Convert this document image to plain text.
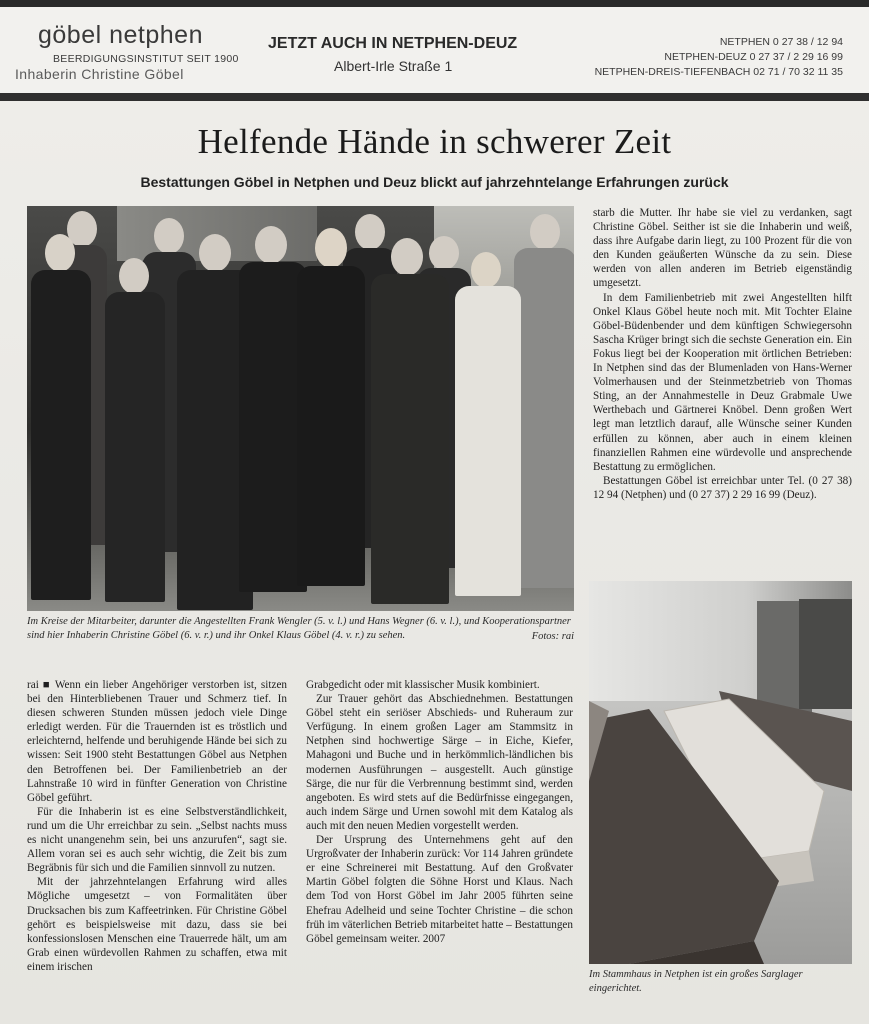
göbel netphen
BEERDIGUNGSINSTITUT SEIT 1900
Inhaberin Christine Göbel
JETZT AUCH IN NETPHEN-DEUZ
Albert-Irle Straße 1
NETPHEN 0 27 38 / 12 94
NETPHEN-DEUZ 0 27 37 / 2 29 16 99
NETPHEN-DREIS-TIEFENBACH 02 71 / 70 32 11 35
Helfende Hände in schwerer Zeit
Bestattungen Göbel in Netphen und Deuz blickt auf jahrzehntelange Erfahrungen zurück
Im Kreise der Mitarbeiter, darunter die Angestellten Frank Wengler (5. v. l.) und Hans Wegner (6. v. l.), und Kooperationspartner sind hier Inhaberin Christine Göbel (6. v. r.) und ihr Onkel Klaus Göbel (4. v. r.) zu sehen.	Fotos: rai

starb die Mutter. Ihr habe sie viel zu verdanken, sagt Christine Göbel. Seither ist sie die Inhaberin und weiß, dass ihre Aufgabe darin liegt, zu 100 Prozent für die von den Kunden geäußerten Wünsche da zu sein. Diese werden von allen anderen im Betrieb eigenständig umgesetzt.

In dem Familienbetrieb mit zwei Angestellten hilft Onkel Klaus Göbel heute noch mit. Mit Tochter Elaine Göbel-Büdenbender und dem künftigen Schwiegersohn Sascha Krüger bringt sich die sechste Generation ein. Ein Fokus liegt bei der Kooperation mit örtlichen Betrieben: In Netphen sind das der Blumenladen von Hans-Werner Volmerhausen und der Steinmetzbetrieb von Thomas Sting, an der Annahmestelle in Deuz Grabmale Uwe Werthebach und Gärtnerei Knöbel. Denn großen Wert legt man letztlich darauf, alle Wünsche seiner Kunden erfüllen zu können, aber auch in einem kleinen finanziellen Rahmen eine würdevolle und ansprechende Bestattung zu ermöglichen.

Bestattungen Göbel ist erreichbar unter Tel. (0 27 38) 12 94 (Netphen) und (0 27 37) 2 29 16 99 (Deuz).

rai ■ Wenn ein lieber Angehöriger verstorben ist, sitzen bei den Hinterbliebenen Trauer und Schmerz tief. In diesen schweren Stunden müssen jedoch viele Dinge erledigt werden. Für die Trauernden ist es tröstlich und erleichternd, helfende und beruhigende Hände bei sich zu wissen: Seit 1900 steht Bestattungen Göbel aus Netphen den Betroffenen bei. Der Familienbetrieb an der Lahnstraße 10 wird in fünfter Generation von Christine Göbel geführt.

Für die Inhaberin ist es eine Selbstverständlichkeit, rund um die Uhr erreichbar zu sein. „Selbst nachts muss es nicht unangenehm sein, bei uns anzurufen“, sagt sie. Allem voran sei es auch sehr wichtig, die Zeit bis zum Begräbnis für sich und die Familien sinnvoll zu nutzen.

Mit der jahrzehntelangen Erfahrung wird alles Mögliche umgesetzt – von Formalitäten über Drucksachen bis zum Kaffeetrinken. Für Christine Göbel gehört es beispielsweise mit dazu, dass sie bei konfessionslosen Menschen eine Trauerrede hält, um am Grab einen würdevollen Rahmen zu schaffen, etwa mit einem irischen

Grabgedicht oder mit klassischer Musik kombiniert.

Zur Trauer gehört das Abschiednehmen. Bestattungen Göbel steht ein seriöser Abschieds- und Ruheraum zur Verfügung. In einem großen Lager am Stammsitz in Netphen sind hochwertige Särge – in Eiche, Kiefer, Mahagoni und Buche und in herkömmlich-ländlichen bis modernen Ausführungen – ausgestellt. Auch günstige Särge, die nur für die Verbrennung bestimmt sind, werden angeboten. Es wird stets auf die Bedürfnisse eingegangen, auch indem Särge und Urnen sowohl mit dem Katalog als auch mit den neuen Medien vorgestellt werden.

Der Ursprung des Unternehmens geht auf den Urgroßvater der Inhaberin zurück: Vor 114 Jahren gründete er eine Schreinerei mit Bestattung. Auf den Großvater Martin Göbel folgten die Söhne Horst und Klaus. Nach dem Tod von Horst Göbel im Jahr 2005 führten seine Ehefrau Adelheid und seine Tochter Christine – die schon früh im väterlichen Betrieb mitarbeitet hatte – Bestattungen Göbel gemeinsam weiter. 2007

Im Stammhaus in Netphen ist ein großes Sarglager eingerichtet.
